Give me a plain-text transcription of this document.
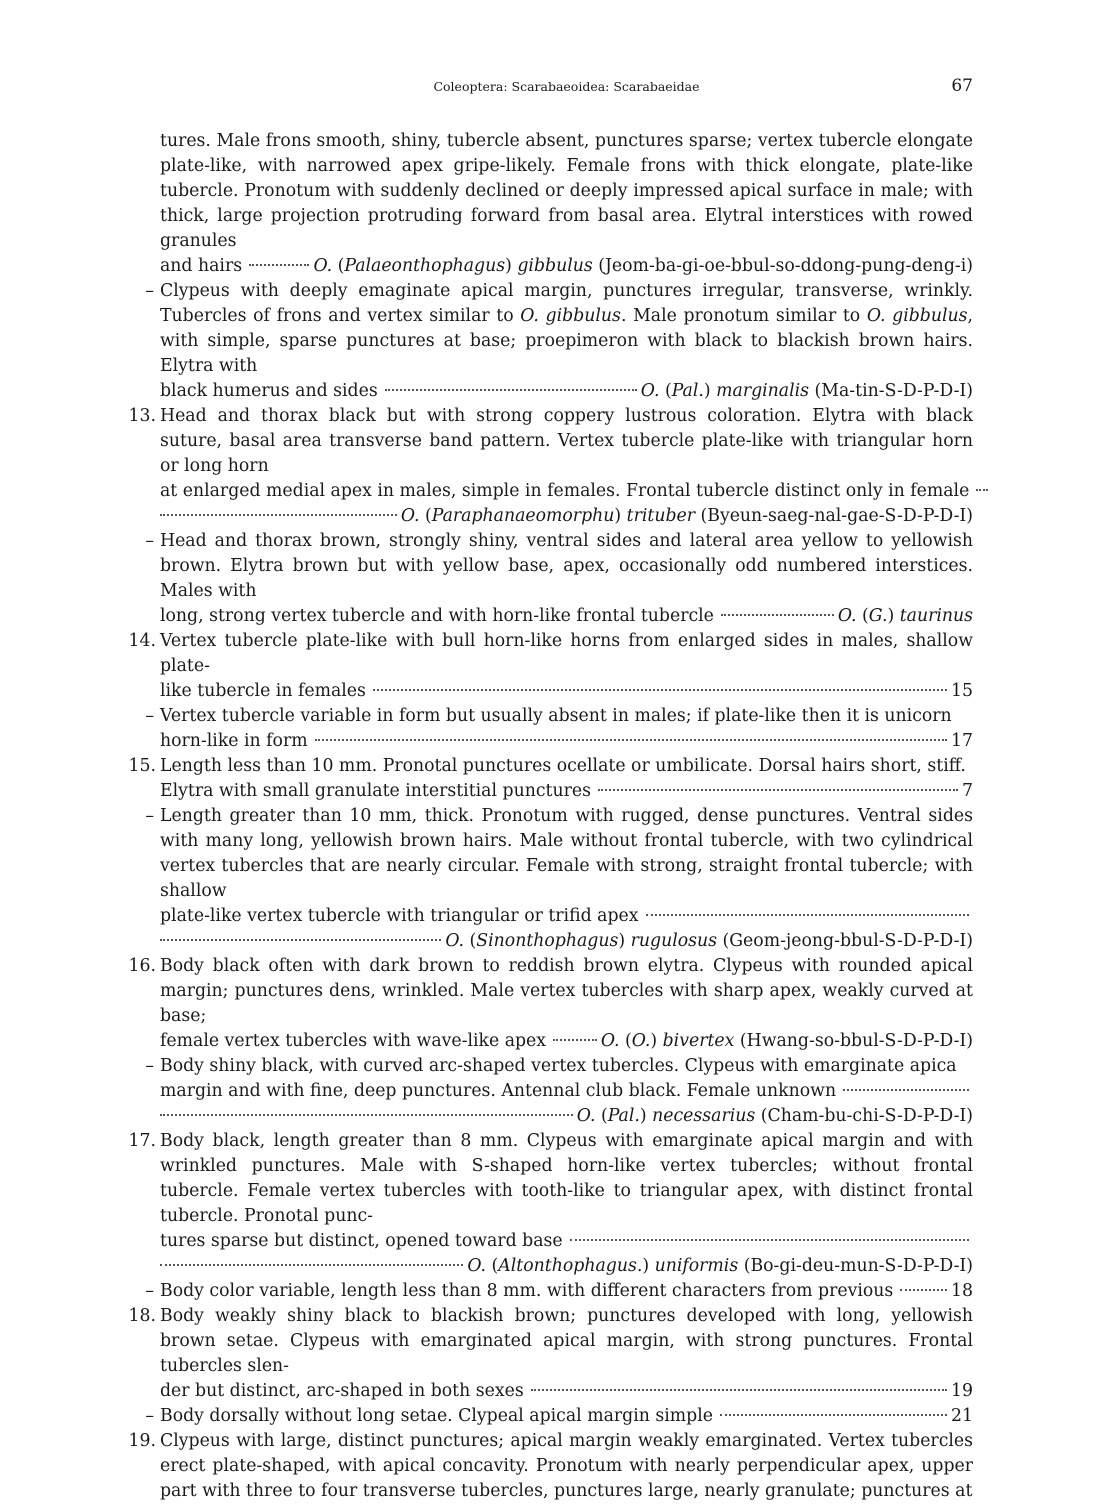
Coleoptera: Scarabaeoidea: Scarabaeidae	67
tures. Male frons smooth, shiny, tubercle absent, punctures sparse; vertex tubercle elongate plate-like, with narrowed apex gripe-likely. Female frons with thick elongate, plate-like tubercle. Pronotum with suddenly declined or deeply impressed apical surface in male; with thick, large projection protruding forward from basal area. Elytral interstices with rowed granules
and hairs	O. (Palaeonthophagus) gibbulus (Jeom-ba-gi-oe-bbul-so-ddong-pung-deng-i)
– Clypeus with deeply emaginate apical margin, punctures irregular, transverse, wrinkly. Tubercles of frons and vertex similar to O. gibbulus. Male pronotum similar to O. gibbulus, with simple, sparse punctures at base; proepimeron with black to blackish brown hairs. Elytra with
black humerus and sides	O. (Pal.) marginalis (Ma-tin-S-D-P-D-I)
13. Head and thorax black but with strong coppery lustrous coloration. Elytra with black suture, basal area transverse band pattern. Vertex tubercle plate-like with triangular horn or long horn
at enlarged medial apex in males, simple in females. Frontal tubercle distinct only in female
O. (Paraphanaeomorphu) trituber (Byeun-saeg-nal-gae-S-D-P-D-I)
– Head and thorax brown, strongly shiny, ventral sides and lateral area yellow to yellowish brown. Elytra brown but with yellow base, apex, occasionally odd numbered interstices. Males with
long, strong vertex tubercle and with horn-like frontal tubercle	O. (G.) taurinus
14. Vertex tubercle plate-like with bull horn-like horns from enlarged sides in males, shallow plate-
like tubercle in females	15
– Vertex tubercle variable in form but usually absent in males; if plate-like then it is unicorn
horn-like in form	17
15. Length less than 10 mm. Pronotal punctures ocellate or umbilicate. Dorsal hairs short, stiff.
Elytra with small granulate interstitial punctures	7
– Length greater than 10 mm, thick. Pronotum with rugged, dense punctures. Ventral sides with many long, yellowish brown hairs. Male without frontal tubercle, with two cylindrical vertex tubercles that are nearly circular. Female with strong, straight frontal tubercle; with shallow
plate-like vertex tubercle with triangular or trifid apex
O. (Sinonthophagus) rugulosus (Geom-jeong-bbul-S-D-P-D-I)
16. Body black often with dark brown to reddish brown elytra. Clypeus with rounded apical margin; punctures dens, wrinkled. Male vertex tubercles with sharp apex, weakly curved at base;
female vertex tubercles with wave-like apex	O. (O.) bivertex (Hwang-so-bbul-S-D-P-D-I)
– Body shiny black, with curved arc-shaped vertex tubercles. Clypeus with emarginate apica
margin and with fine, deep punctures. Antennal club black. Female unknown
O. (Pal.) necessarius (Cham-bu-chi-S-D-P-D-I)
17. Body black, length greater than 8 mm. Clypeus with emarginate apical margin and with wrinkled punctures. Male with S-shaped horn-like vertex tubercles; without frontal tubercle. Female vertex tubercles with tooth-like to triangular apex, with distinct frontal tubercle. Pronotal punc-
tures sparse but distinct, opened toward base
O. (Altonthophagus.) uniformis (Bo-gi-deu-mun-S-D-P-D-I)
– Body color variable, length less than 8 mm. with different characters from previous	18
18. Body weakly shiny black to blackish brown; punctures developed with long, yellowish brown setae. Clypeus with emarginated apical margin, with strong punctures. Frontal tubercles slen-
der but distinct, arc-shaped in both sexes	19
– Body dorsally without long setae. Clypeal apical margin simple	21
19. Clypeus with large, distinct punctures; apical margin weakly emarginated. Vertex tubercles erect plate-shaped, with apical concavity. Pronotum with nearly perpendicular apex, upper part with three to four transverse tubercles, punctures large, nearly granulate; punctures at
